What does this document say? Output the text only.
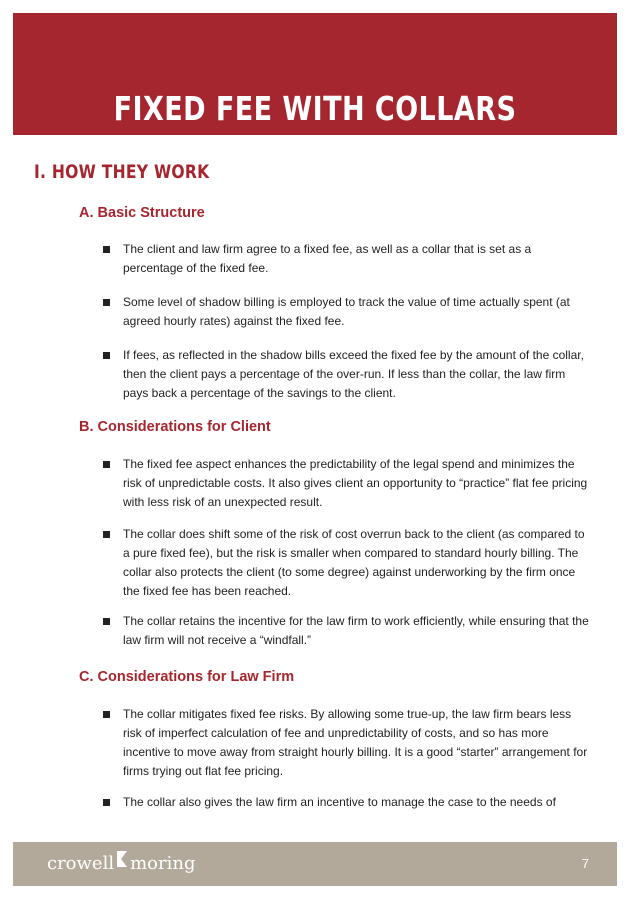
FIXED FEE WITH COLLARS
I. HOW THEY WORK
A. Basic Structure
The client and law firm agree to a fixed fee, as well as a collar that is set as a percentage of the fixed fee.
Some level of shadow billing is employed to track the value of time actually spent (at agreed hourly rates) against the fixed fee.
If fees, as reflected in the shadow bills exceed the fixed fee by the amount of the collar, then the client pays a percentage of the over-run. If less than the collar, the law firm pays back a percentage of the savings to the client.
B. Considerations for Client
The fixed fee aspect enhances the predictability of the legal spend and minimizes the risk of unpredictable costs. It also gives client an opportunity to “practice” flat fee pricing with less risk of an unexpected result.
The collar does shift some of the risk of cost overrun back to the client (as compared to a pure fixed fee), but the risk is smaller when compared to standard hourly billing. The collar also protects the client (to some degree) against underworking by the firm once the fixed fee has been reached.
The collar retains the incentive for the law firm to work efficiently, while ensuring that the law firm will not receive a “windfall.”
C. Considerations for Law Firm
The collar mitigates fixed fee risks. By allowing some true-up, the law firm bears less risk of imperfect calculation of fee and unpredictability of costs, and so has more incentive to move away from straight hourly billing. It is a good “starter” arrangement for firms trying out flat fee pricing.
The collar also gives the law firm an incentive to manage the case to the needs of
crowell moring	7
